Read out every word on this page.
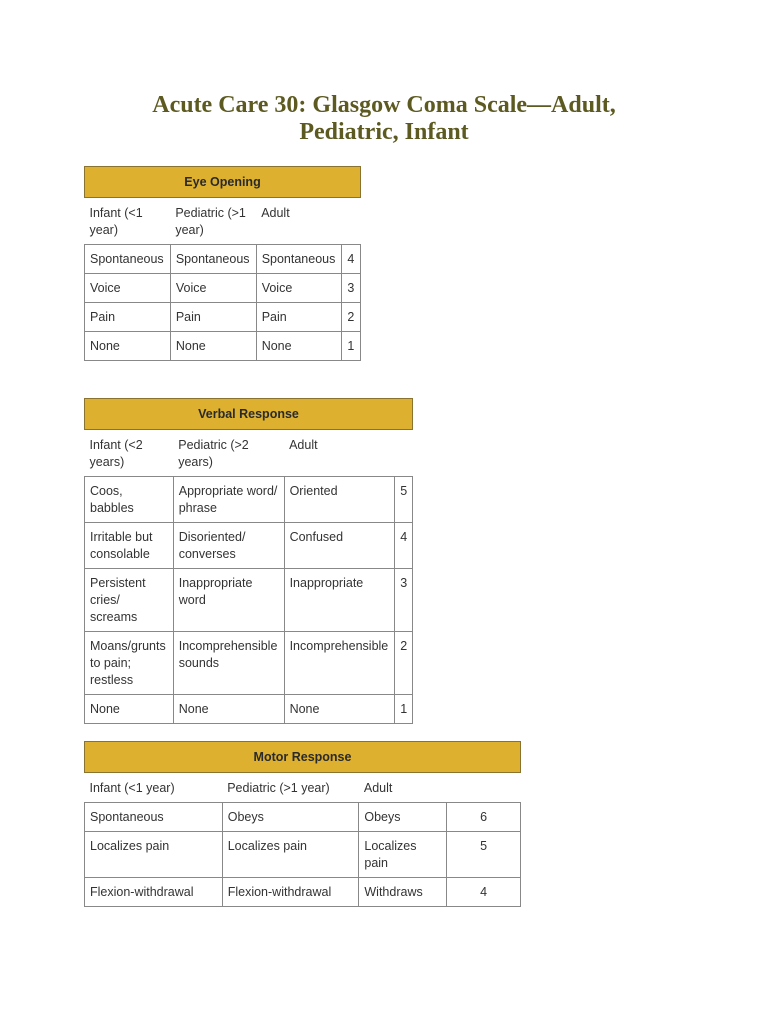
Acute Care 30: Glasgow Coma Scale—Adult,
Pediatric, Infant
Eye Opening			
Infant (<1 year)	Pediatric (>1 year)	Adult	
Spontaneous	Spontaneous	Spontaneous	4
Voice	Voice	Voice	3
Pain	Pain	Pain	2
None	None	None	1
Verbal Response			
Infant (<2 years)	Pediatric (>2 years)	Adult	
Coos, babbles	Appropriate word/ phrase	Oriented	5
Irritable but consolable	Disoriented/ converses	Confused	4
Persistent cries/ screams	Inappropriate word	Inappropriate	3
Moans/grunts to pain; restless	Incomprehensible sounds	Incomprehensible	2
None	None	None	1
Motor Response			
Infant (<1 year)	Pediatric (>1 year)	Adult	
Spontaneous	Obeys	Obeys	6
Localizes pain	Localizes pain	Localizes pain	5
Flexion-withdrawal	Flexion-withdrawal	Withdraws	4
